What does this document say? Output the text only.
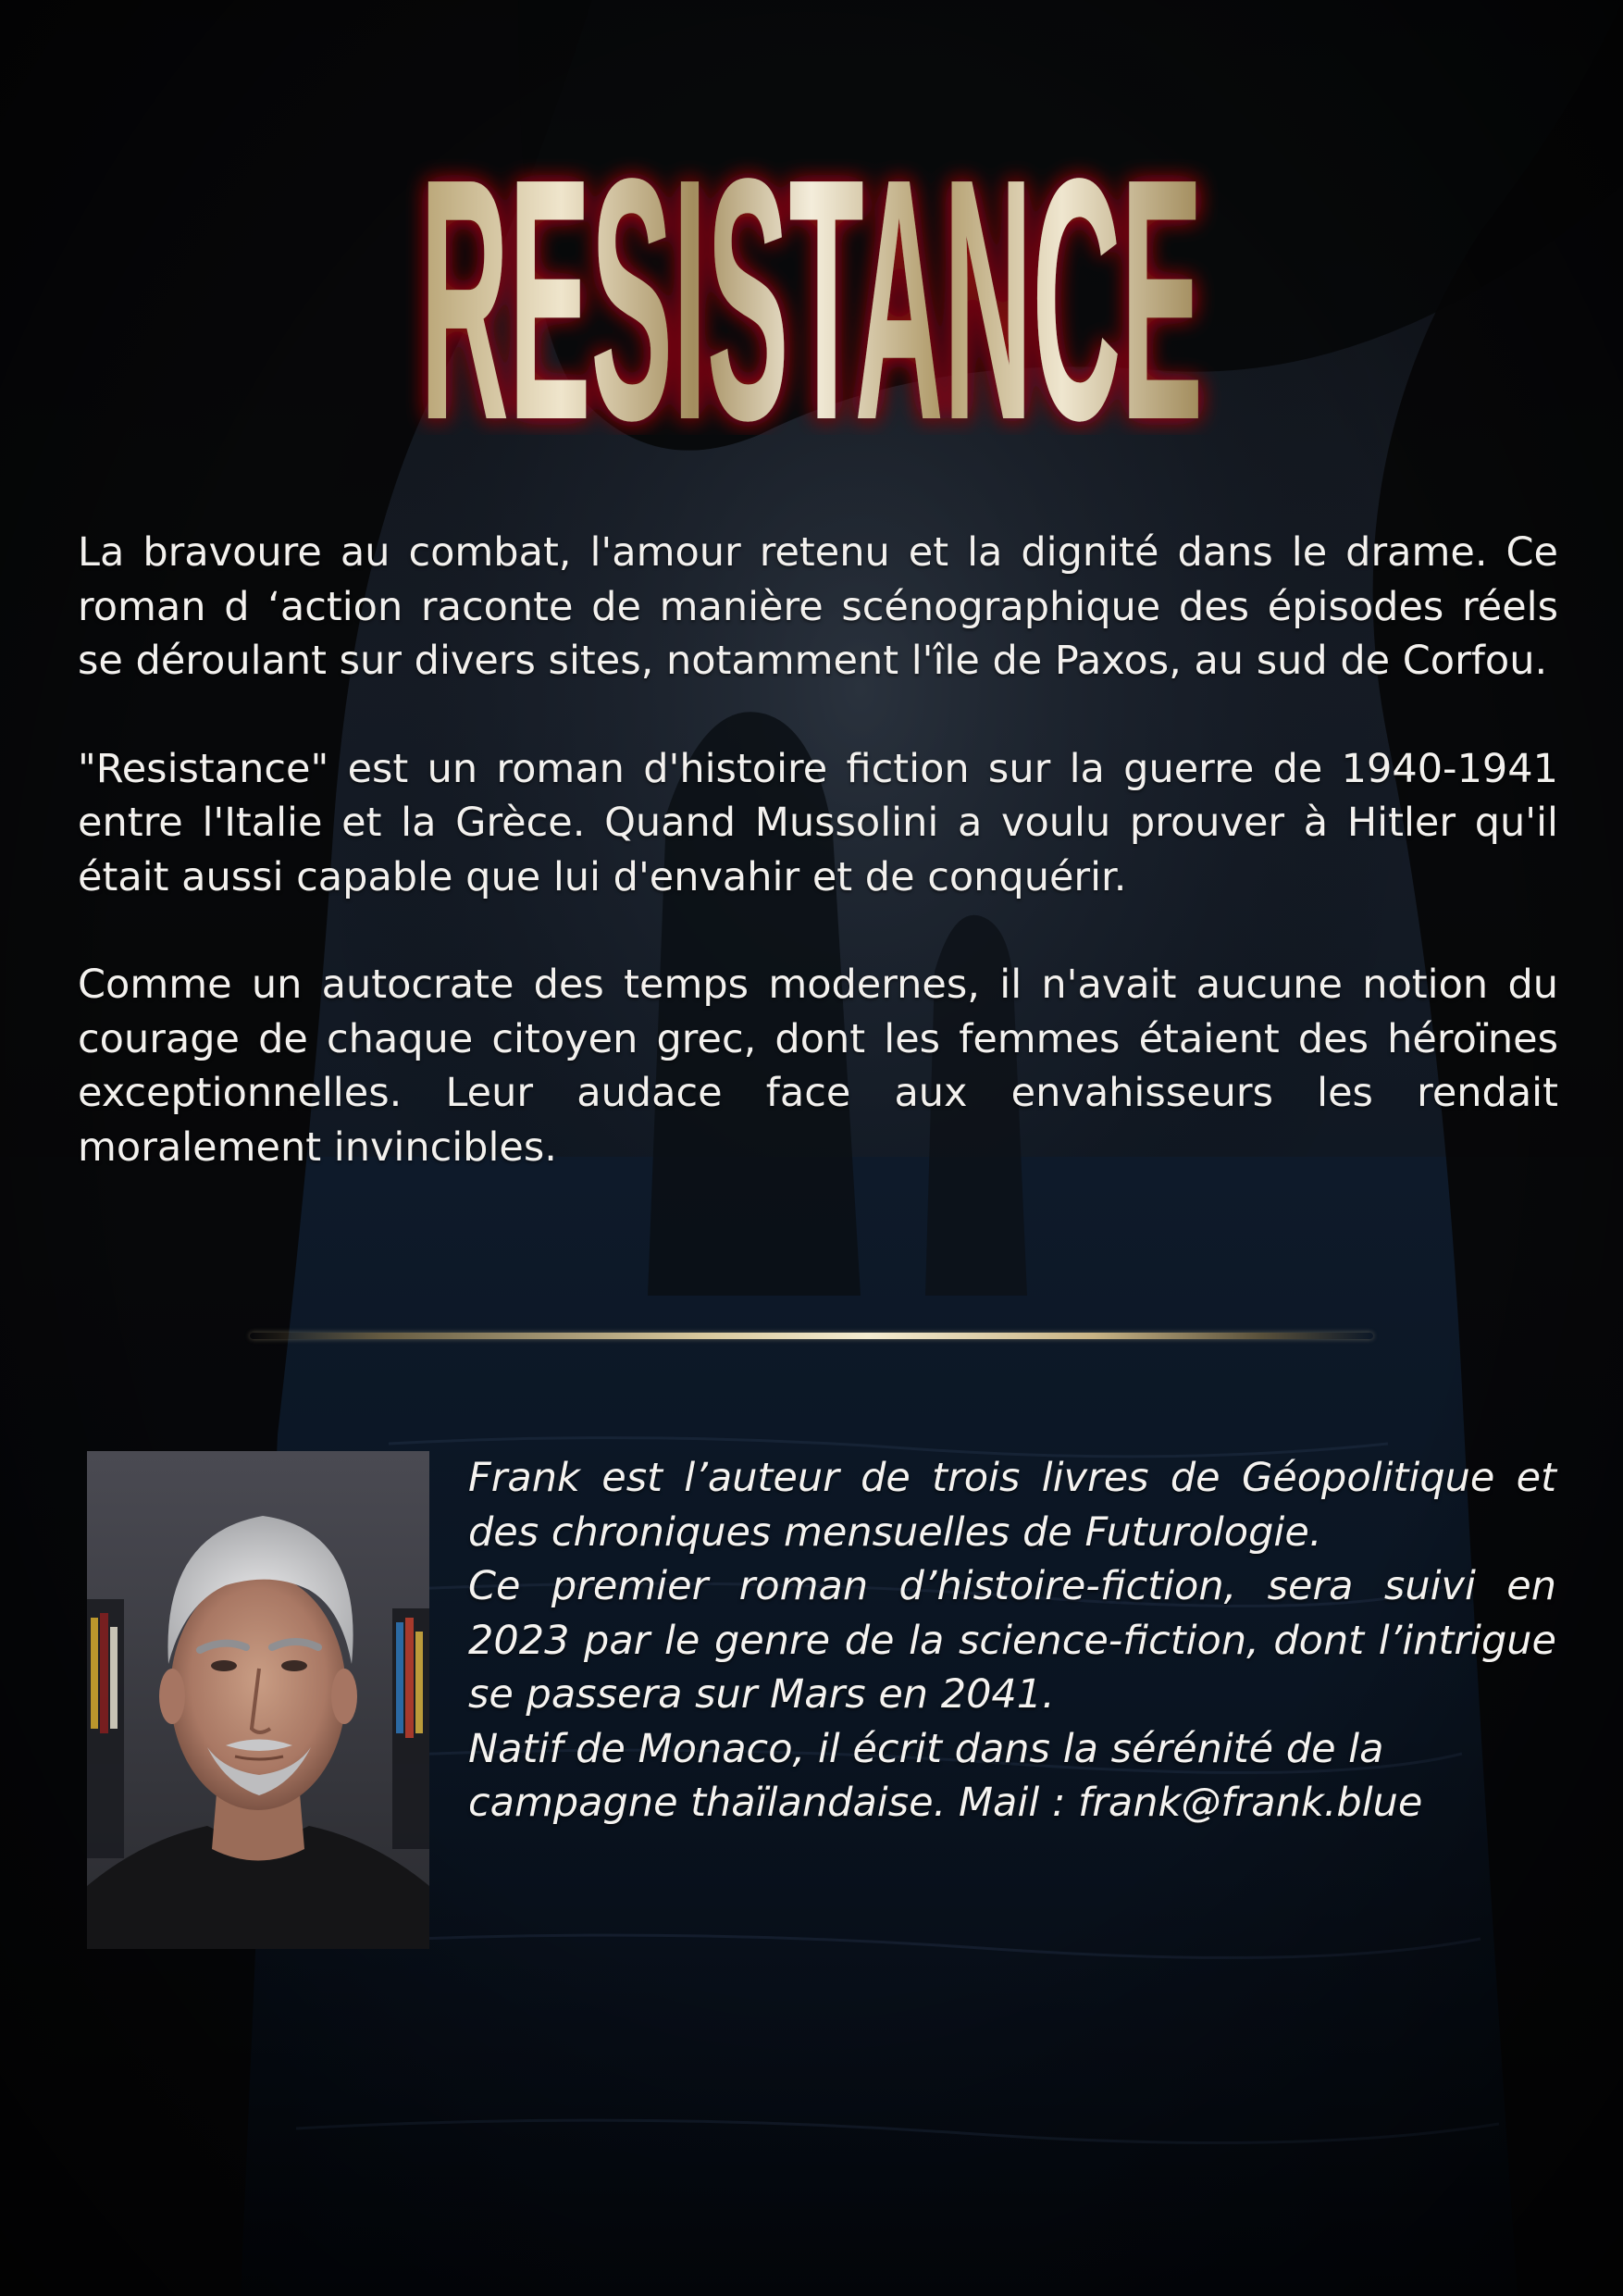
RESISTANCE

La bravoure au combat, l'amour retenu et la dignité dans le drame. Ce roman d ‘action raconte de manière scénographique des épisodes réels se déroulant sur divers sites, notamment l'île de Paxos, au sud de Corfou.

"Resistance" est un roman d'histoire fiction sur la guerre de 1940-1941 entre l'Italie et la Grèce. Quand Mussolini a voulu prouver à Hitler qu'il était aussi capable que lui d'envahir et de conquérir.

Comme un autocrate des temps modernes, il n'avait aucune notion du courage de chaque citoyen grec, dont les femmes étaient des héroïnes exceptionnelles. Leur audace face aux envahisseurs les rendait moralement invincibles.

Frank est l’auteur de trois livres de Géopolitique et des chroniques mensuelles de Futurologie.

Ce premier roman d’histoire-fiction, sera suivi en 2023 par le genre de la science-fiction, dont l’intrigue se passera sur Mars en 2041.

Natif de Monaco, il écrit dans la sérénité de la campagne thaïlandaise. Mail : frank@frank.blue
